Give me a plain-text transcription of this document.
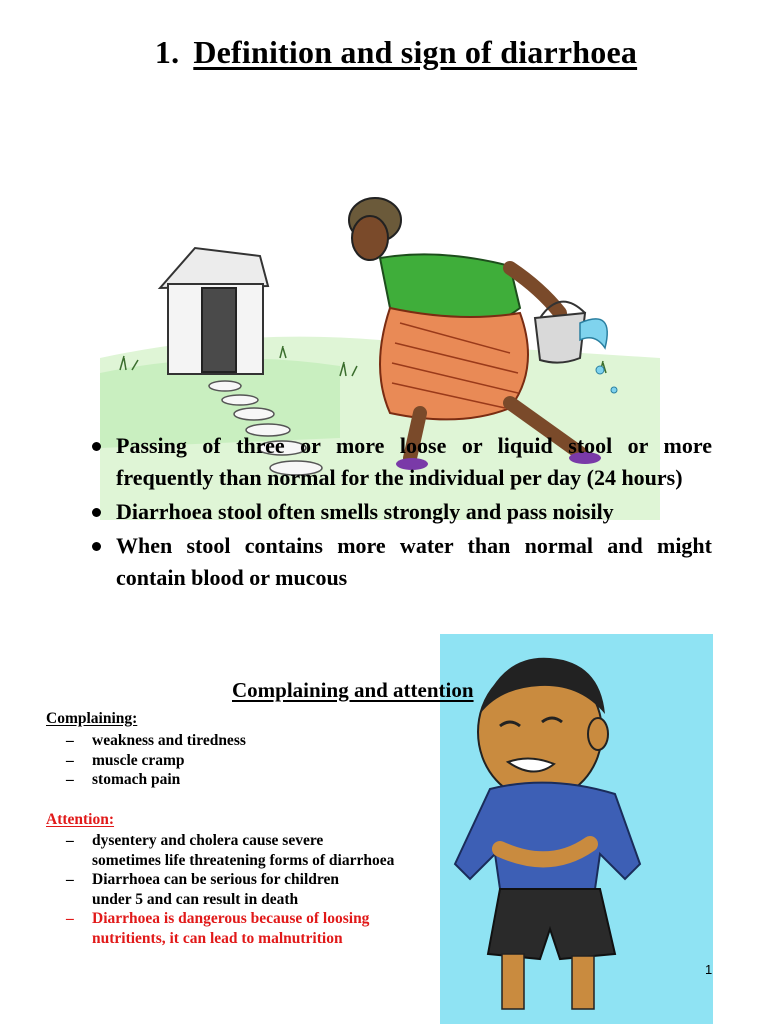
1. Definition and sign of diarrhoea
Passing of three or more loose or liquid stool or more frequently than normal for the individual per day (24 hours)
Diarrhoea stool often smells strongly and pass noisily
When stool contains more water than normal and might contain blood or mucous
Complaining and attention
Complaining:
– weakness and tiredness
– muscle cramp
– stomach pain
Attention:
– dysentery and cholera cause severe
sometimes life threatening forms of diarrhoea
– Diarrhoea can be serious for children
under 5 and can result in death
– Diarrhoea is dangerous because of loosing
nutritients, it can lead to malnutrition
1
